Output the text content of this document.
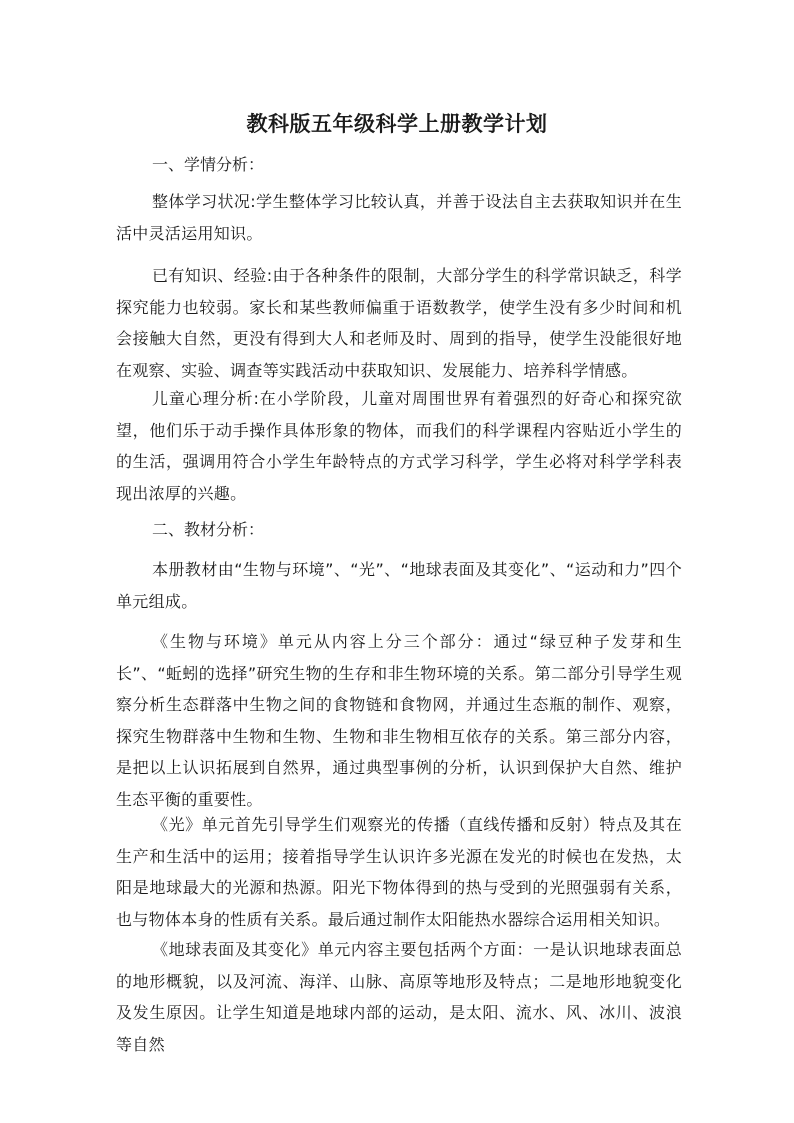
教科版五年级科学上册教学计划
一、学情分析：

整体学习状况:学生整体学习比较认真，并善于设法自主去获取知识并在生活中灵活运用知识。

已有知识、经验:由于各种条件的限制，大部分学生的科学常识缺乏，科学探究能力也较弱。家长和某些教师偏重于语数教学，使学生没有多少时间和机会接触大自然，更没有得到大人和老师及时、周到的指导，使学生没能很好地在观察、实验、调查等实践活动中获取知识、发展能力、培养科学情感。

儿童心理分析:在小学阶段，儿童对周围世界有着强烈的好奇心和探究欲望，他们乐于动手操作具体形象的物体，而我们的科学课程内容贴近小学生的的生活，强调用符合小学生年龄特点的方式学习科学，学生必将对科学学科表现出浓厚的兴趣。

二、教材分析：

本册教材由“生物与环境”、“光”、“地球表面及其变化”、“运动和力”四个单元组成。

《生物与环境》单元从内容上分三个部分：通过“绿豆种子发芽和生长”、“蚯蚓的选择”研究生物的生存和非生物环境的关系。第二部分引导学生观察分析生态群落中生物之间的食物链和食物网，并通过生态瓶的制作、观察，探究生物群落中生物和生物、生物和非生物相互依存的关系。第三部分内容，是把以上认识拓展到自然界，通过典型事例的分析，认识到保护大自然、维护生态平衡的重要性。

《光》单元首先引导学生们观察光的传播（直线传播和反射）特点及其在生产和生活中的运用；接着指导学生认识许多光源在发光的时候也在发热，太阳是地球最大的光源和热源。阳光下物体得到的热与受到的光照强弱有关系，也与物体本身的性质有关系。最后通过制作太阳能热水器综合运用相关知识。

《地球表面及其变化》单元内容主要包括两个方面：一是认识地球表面总的地形概貌，以及河流、海洋、山脉、高原等地形及特点；二是地形地貌变化及发生原因。让学生知道是地球内部的运动，是太阳、流水、风、冰川、波浪等自然
